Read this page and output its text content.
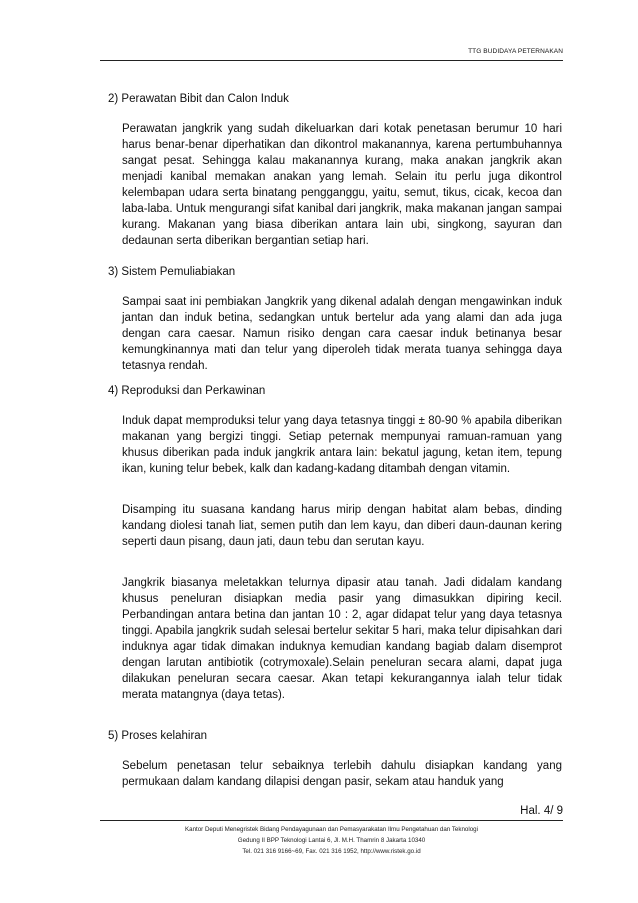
TTG BUDIDAYA PETERNAKAN
2) Perawatan Bibit dan Calon Induk

Perawatan jangkrik yang sudah dikeluarkan dari kotak penetasan berumur 10 hari harus benar-benar diperhatikan dan dikontrol makanannya, karena pertumbuhannya sangat pesat. Sehingga kalau makanannya kurang, maka anakan jangkrik akan menjadi kanibal memakan anakan yang lemah. Selain itu perlu juga dikontrol kelembapan udara serta binatang pengganggu, yaitu, semut, tikus, cicak, kecoa dan laba-laba. Untuk mengurangi sifat kanibal dari jangkrik, maka makanan jangan sampai kurang. Makanan yang biasa diberikan antara lain ubi, singkong, sayuran dan dedaunan serta diberikan bergantian setiap hari.

3) Sistem Pemuliabiakan

Sampai saat ini pembiakan Jangkrik yang dikenal adalah dengan mengawinkan induk jantan dan induk betina, sedangkan untuk bertelur ada yang alami dan ada juga dengan cara caesar. Namun risiko dengan cara caesar induk betinanya besar kemungkinannya mati dan telur yang diperoleh tidak merata tuanya sehingga daya tetasnya rendah.

4) Reproduksi dan Perkawinan

Induk dapat memproduksi telur yang daya tetasnya tinggi ± 80-90 % apabila diberikan makanan yang bergizi tinggi. Setiap peternak mempunyai ramuan-ramuan yang khusus diberikan pada induk jangkrik antara lain: bekatul jagung, ketan item, tepung ikan, kuning telur bebek, kalk dan kadang-kadang ditambah dengan vitamin.

Disamping itu suasana kandang harus mirip dengan habitat alam bebas, dinding kandang diolesi tanah liat, semen putih dan lem kayu, dan diberi daun-daunan kering seperti daun pisang, daun jati, daun tebu dan serutan kayu.

Jangkrik biasanya meletakkan telurnya dipasir atau tanah. Jadi didalam kandang khusus peneluran disiapkan media pasir yang dimasukkan dipiring kecil. Perbandingan antara betina dan jantan 10 : 2, agar didapat telur yang daya tetasnya tinggi. Apabila jangkrik sudah selesai bertelur sekitar 5 hari, maka telur dipisahkan dari induknya agar tidak dimakan induknya kemudian kandang bagiab dalam disemprot dengan larutan antibiotik (cotrymoxale).Selain peneluran secara alami, dapat juga dilakukan peneluran secara caesar. Akan tetapi kekurangannya ialah telur tidak merata matangnya (daya tetas).

5) Proses kelahiran

Sebelum penetasan telur sebaiknya terlebih dahulu disiapkan kandang yang permukaan dalam kandang dilapisi dengan pasir, sekam atau handuk yang

Hal. 4/ 9
Kantor Deputi Menegristek Bidang Pendayagunaan dan Pemasyarakatan Ilmu Pengetahuan dan Teknologi
Gedung II BPP Teknologi Lantai 6, Jl. M.H. Thamrin 8 Jakarta 10340
Tel. 021 316 9166~69, Fax. 021 316 1952, http://www.ristek.go.id
